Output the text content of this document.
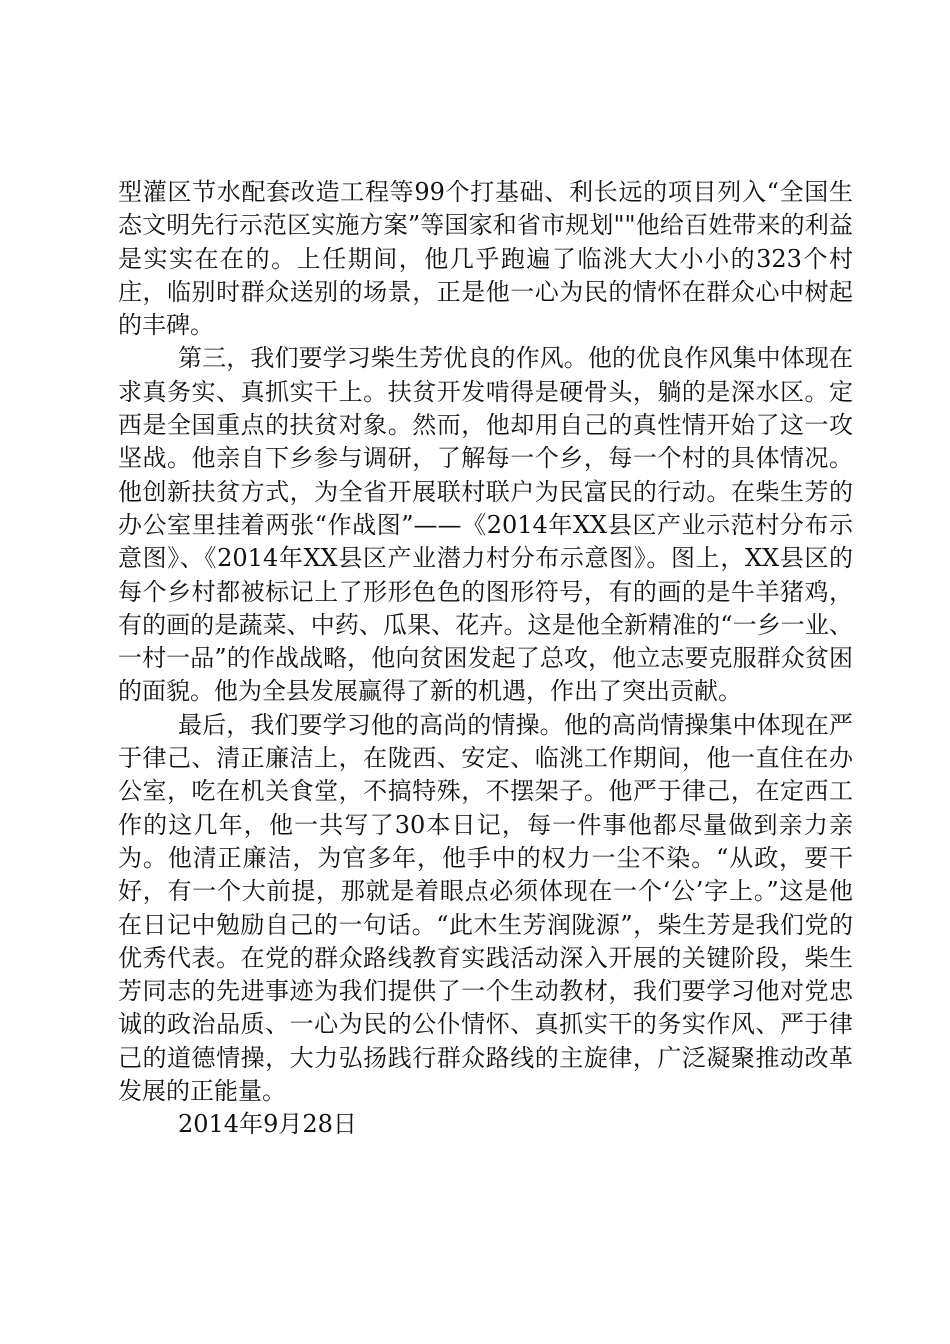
型灌区节水配套改造工程等99个打基础、利长远的项目列入“全国生态文明先行示范区实施方案”等国家和省市规划""他给百姓带来的利益是实实在在的。上任期间，他几乎跑遍了临洮大大小小的323个村庄，临别时群众送别的场景，正是他一心为民的情怀在群众心中树起的丰碑。

第三，我们要学习柴生芳优良的作风。他的优良作风集中体现在求真务实、真抓实干上。扶贫开发啃得是硬骨头，躺的是深水区。定西是全国重点的扶贫对象。然而，他却用自己的真性情开始了这一攻坚战。他亲自下乡参与调研，了解每一个乡，每一个村的具体情况。他创新扶贫方式，为全省开展联村联户为民富民的行动。在柴生芳的办公室里挂着两张“作战图”——《2014年XX县区产业示范村分布示意图》、《2014年XX县区产业潜力村分布示意图》。图上，XX县区的每个乡村都被标记上了形形色色的图形符号，有的画的是牛羊猪鸡，有的画的是蔬菜、中药、瓜果、花卉。这是他全新精准的“一乡一业、一村一品”的作战战略，他向贫困发起了总攻，他立志要克服群众贫困的面貌。他为全县发展赢得了新的机遇，作出了突出贡献。

最后，我们要学习他的高尚的情操。他的高尚情操集中体现在严于律己、清正廉洁上，在陇西、安定、临洮工作期间，他一直住在办公室，吃在机关食堂，不搞特殊，不摆架子。他严于律己，在定西工作的这几年，他一共写了30本日记，每一件事他都尽量做到亲力亲为。他清正廉洁，为官多年，他手中的权力一尘不染。“从政，要干好，有一个大前提，那就是着眼点必须体现在一个‘公’字上。”这是他在日记中勉励自己的一句话。“此木生芳润陇源”，柴生芳是我们党的优秀代表。在党的群众路线教育实践活动深入开展的关键阶段，柴生芳同志的先进事迹为我们提供了一个生动教材，我们要学习他对党忠诚的政治品质、一心为民的公仆情怀、真抓实干的务实作风、严于律己的道德情操，大力弘扬践行群众路线的主旋律，广泛凝聚推动改革发展的正能量。

2014年9月28日
